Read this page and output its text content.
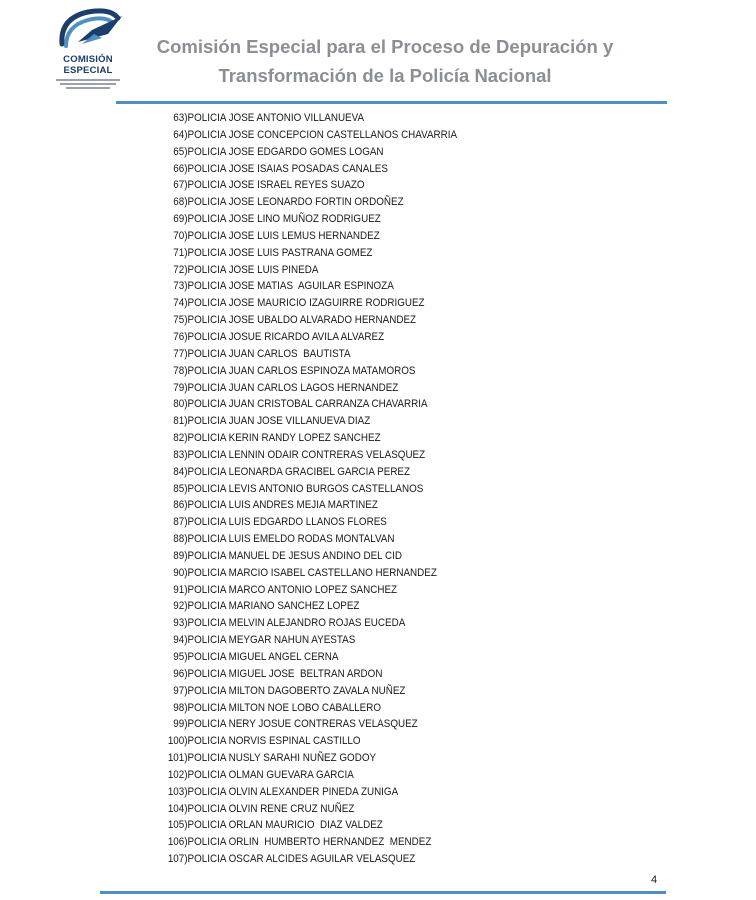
COMISIÓN
ESPECIAL
Comisión Especial para el Proceso de Depuración y
Transformación de la Policía Nacional
63)POLICIA JOSE ANTONIO VILLANUEVA
64)POLICIA JOSE CONCEPCION CASTELLANOS CHAVARRIA
65)POLICIA JOSE EDGARDO GOMES LOGAN
66)POLICIA JOSE ISAIAS POSADAS CANALES
67)POLICIA JOSE ISRAEL REYES SUAZO
68)POLICIA JOSE LEONARDO FORTIN ORDOÑEZ
69)POLICIA JOSE LINO MUÑOZ RODRIGUEZ
70)POLICIA JOSE LUIS LEMUS HERNANDEZ
71)POLICIA JOSE LUIS PASTRANA GOMEZ
72)POLICIA JOSE LUIS PINEDA
73)POLICIA JOSE MATIAS  AGUILAR ESPINOZA
74)POLICIA JOSE MAURICIO IZAGUIRRE RODRIGUEZ
75)POLICIA JOSE UBALDO ALVARADO HERNANDEZ
76)POLICIA JOSUE RICARDO AVILA ALVAREZ
77)POLICIA JUAN CARLOS  BAUTISTA
78)POLICIA JUAN CARLOS ESPINOZA MATAMOROS
79)POLICIA JUAN CARLOS LAGOS HERNANDEZ
80)POLICIA JUAN CRISTOBAL CARRANZA CHAVARRIA
81)POLICIA JUAN JOSE VILLANUEVA DIAZ
82)POLICIA KERIN RANDY LOPEZ SANCHEZ
83)POLICIA LENNIN ODAIR CONTRERAS VELASQUEZ
84)POLICIA LEONARDA GRACIBEL GARCIA PEREZ
85)POLICIA LEVIS ANTONIO BURGOS CASTELLANOS
86)POLICIA LUIS ANDRES MEJIA MARTINEZ
87)POLICIA LUIS EDGARDO LLANOS FLORES
88)POLICIA LUIS EMELDO RODAS MONTALVAN
89)POLICIA MANUEL DE JESUS ANDINO DEL CID
90)POLICIA MARCIO ISABEL CASTELLANO HERNANDEZ
91)POLICIA MARCO ANTONIO LOPEZ SANCHEZ
92)POLICIA MARIANO SANCHEZ LOPEZ
93)POLICIA MELVIN ALEJANDRO ROJAS EUCEDA
94)POLICIA MEYGAR NAHUN AYESTAS
95)POLICIA MIGUEL ANGEL CERNA
96)POLICIA MIGUEL JOSE  BELTRAN ARDON
97)POLICIA MILTON DAGOBERTO ZAVALA NUÑEZ
98)POLICIA MILTON NOE LOBO CABALLERO
99)POLICIA NERY JOSUE CONTRERAS VELASQUEZ
100)POLICIA NORVIS ESPINAL CASTILLO
101)POLICIA NUSLY SARAHI NUÑEZ GODOY
102)POLICIA OLMAN GUEVARA GARCIA
103)POLICIA OLVIN ALEXANDER PINEDA ZUNIGA
104)POLICIA OLVIN RENE CRUZ NUÑEZ
105)POLICIA ORLAN MAURICIO  DIAZ VALDEZ
106)POLICIA ORLIN  HUMBERTO HERNANDEZ  MENDEZ
107)POLICIA OSCAR ALCIDES AGUILAR VELASQUEZ
4
